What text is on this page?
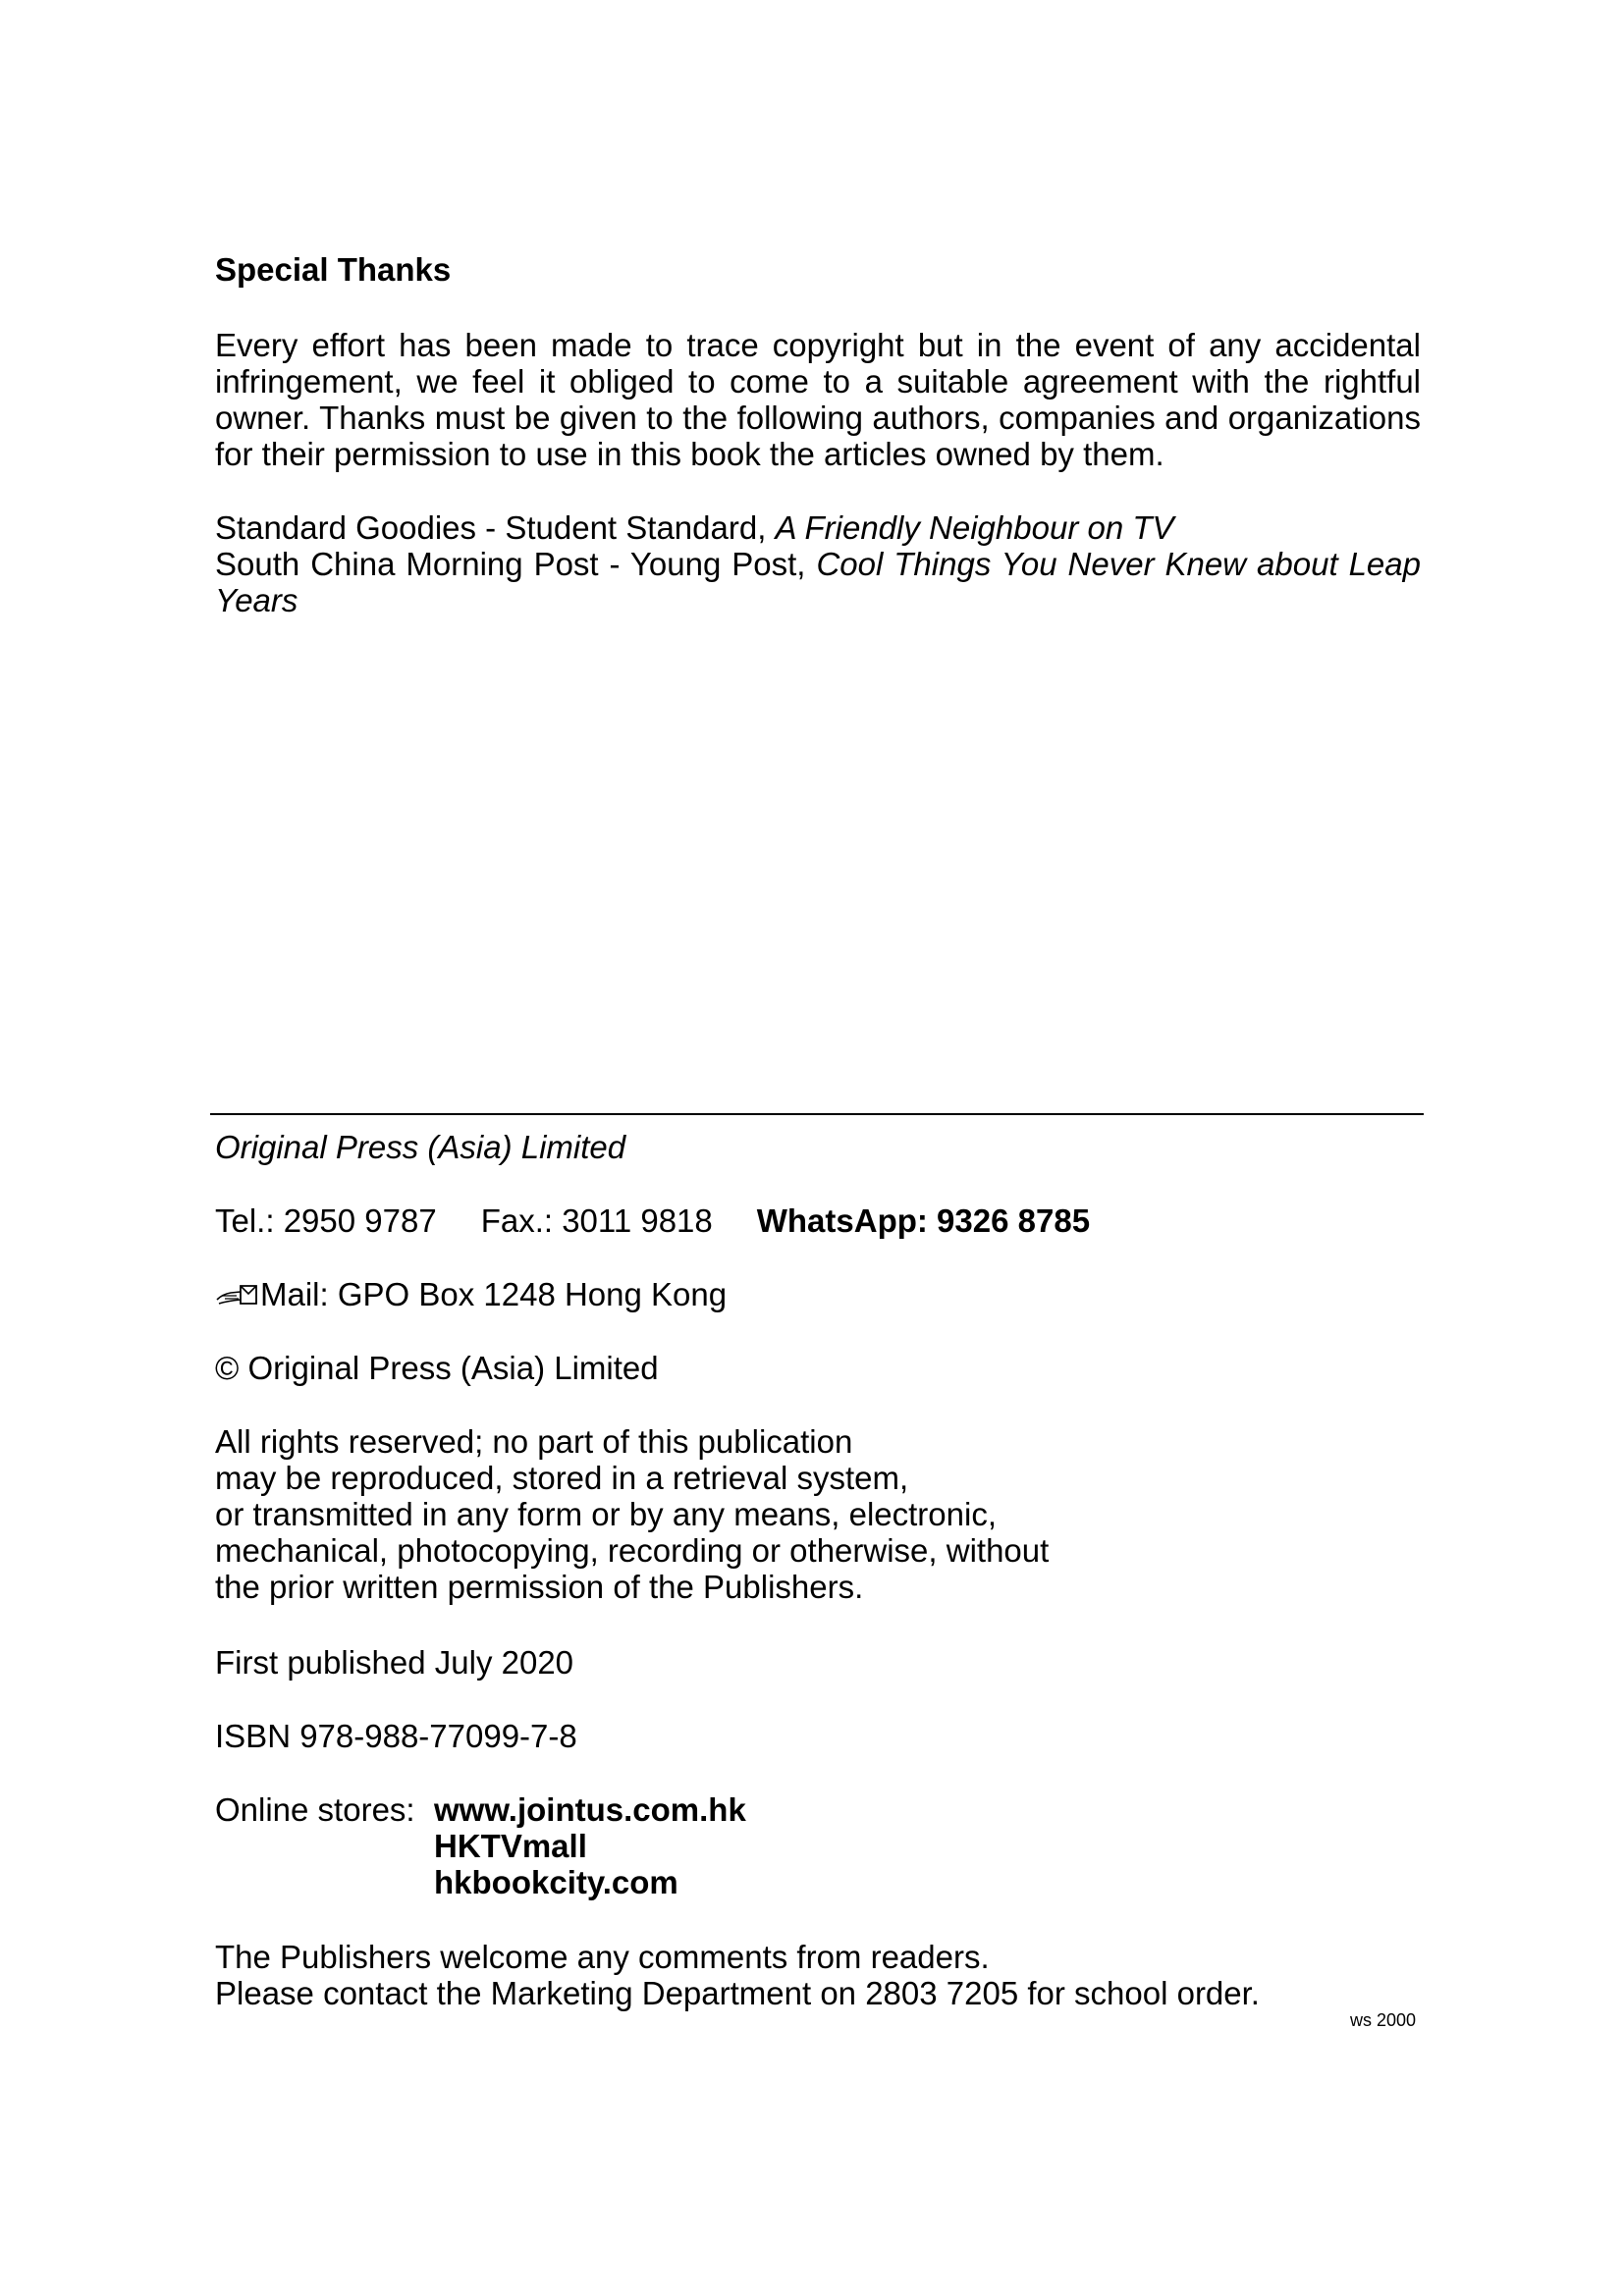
Special Thanks
Every effort has been made to trace copyright but in the event of any accidental infringement, we feel it obliged to come to a suitable agreement with the rightful owner. Thanks must be given to the following authors, companies and organizations for their permission to use in this book the articles owned by them.
Standard Goodies - Student Standard, A Friendly Neighbour on TV
South China Morning Post - Young Post, Cool Things You Never Knew about Leap Years
Original Press (Asia) Limited
Tel.: 2950 9787 Fax.: 3011 9818 WhatsApp: 9326 8785
Mail: GPO Box 1248 Hong Kong
© Original Press (Asia) Limited
All rights reserved; no part of this publication
may be reproduced, stored in a retrieval system,
or transmitted in any form or by any means, electronic,
mechanical, photocopying, recording or otherwise, without
the prior written permission of the Publishers.
First published July 2020
ISBN 978-988-77099-7-8
Online stores: www.jointus.com.hk
HKTVmall
hkbookcity.com
The Publishers welcome any comments from readers.
Please contact the Marketing Department on 2803 7205 for school order.
ws 2000
